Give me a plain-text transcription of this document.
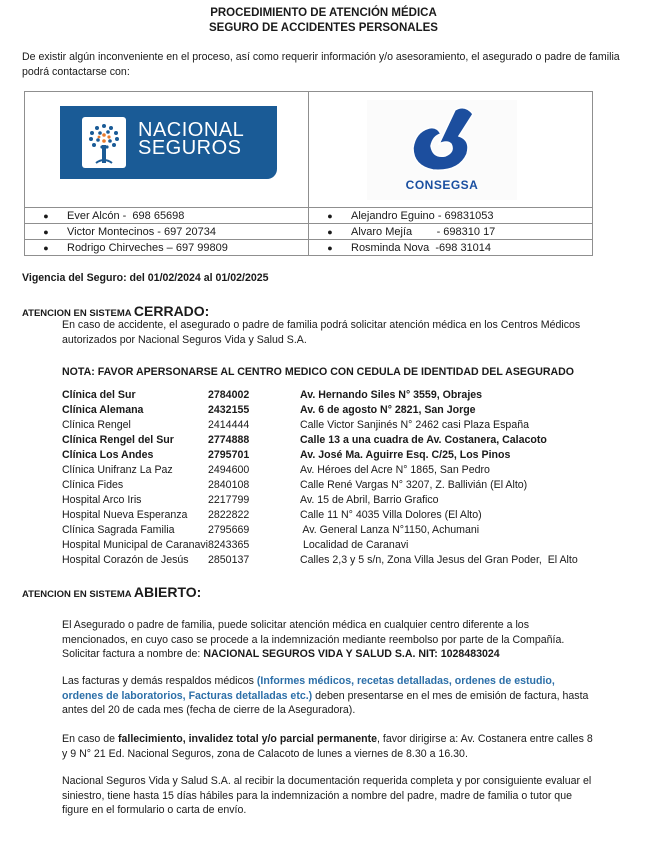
PROCEDIMIENTO DE ATENCIÓN MÉDICA
SEGURO DE ACCIDENTES PERSONALES
De existir algún inconveniente en el proceso, así como requerir información y/o asesoramiento, el asegurado o padre de familia podrá contactarse con:
NACIONAL
SEGUROS	CONSEGSA

● Ever Alcón -  698 65698	● Alejandro Eguino - 69831053

● Victor Montecinos - 697 20734	● Alvaro Mejía        - 698310 17

● Rodrigo Chirveches – 697 99809	● Rosminda Nova  -698 31014
Vigencia del Seguro: del 01/02/2024 al 01/02/2025
ATENCION EN SISTEMA CERRADO:
En caso de accidente, el asegurado o padre de familia podrá solicitar atención médica en los Centros Médicos autorizados por Nacional Seguros Vida y Salud S.A.
NOTA: FAVOR APERSONARSE AL CENTRO MEDICO CON CEDULA DE IDENTIDAD DEL ASEGURADO
Clínica del Sur	2784002	Av. Hernando Siles N° 3559, Obrajes
Clínica Alemana	2432155	Av. 6 de agosto N° 2821, San Jorge
Clínica Rengel	2414444	Calle Victor Sanjinés N° 2462 casi Plaza España
Clínica Rengel del Sur	2774888	Calle 13 a una cuadra de Av. Costanera, Calacoto
Clínica Los Andes	2795701	Av. José Ma. Aguirre Esq. C/25, Los Pinos
Clínica Unifranz La Paz	2494600	Av. Héroes del Acre N° 1865, San Pedro
Clínica Fides	2840108	Calle René Vargas N° 3207, Z. Ballivián (El Alto)
Hospital Arco Iris	2217799	Av. 15 de Abril, Barrio Grafico
Hospital Nueva Esperanza	2822822	Calle 11 N° 4035 Villa Dolores (El Alto)
Clínica Sagrada Familia	2795669	Av. General Lanza N°1150, Achumani
Hospital Municipal de Caranavi 8243365	Localidad de Caranavi
Hospital Corazón de Jesús	2850137	Calles 2,3 y 5 s/n, Zona Villa Jesus del Gran Poder,  El Alto
ATENCION EN SISTEMA ABIERTO:
El Asegurado o padre de familia, puede solicitar atención médica en cualquier centro diferente a los mencionados, en cuyo caso se procede a la indemnización mediante reembolso por parte de la Compañía. Solicitar factura a nombre de: NACIONAL SEGUROS VIDA Y SALUD S.A. NIT: 1028483024
Las facturas y demás respaldos médicos (Informes médicos, recetas detalladas, ordenes de estudio, ordenes de laboratorios, Facturas detalladas etc.) deben presentarse en el mes de emisión de factura, hasta antes del 20 de cada mes (fecha de cierre de la Aseguradora).
En caso de fallecimiento, invalidez total y/o parcial permanente, favor dirigirse a: Av. Costanera entre calles 8 y 9 N° 21 Ed. Nacional Seguros, zona de Calacoto de lunes a viernes de 8.30 a 16.30.
Nacional Seguros Vida y Salud S.A. al recibir la documentación requerida completa y por consiguiente evaluar el siniestro, tiene hasta 15 días hábiles para la indemnización a nombre del padre, madre de familia o tutor que figure en el formulario o carta de envío.
